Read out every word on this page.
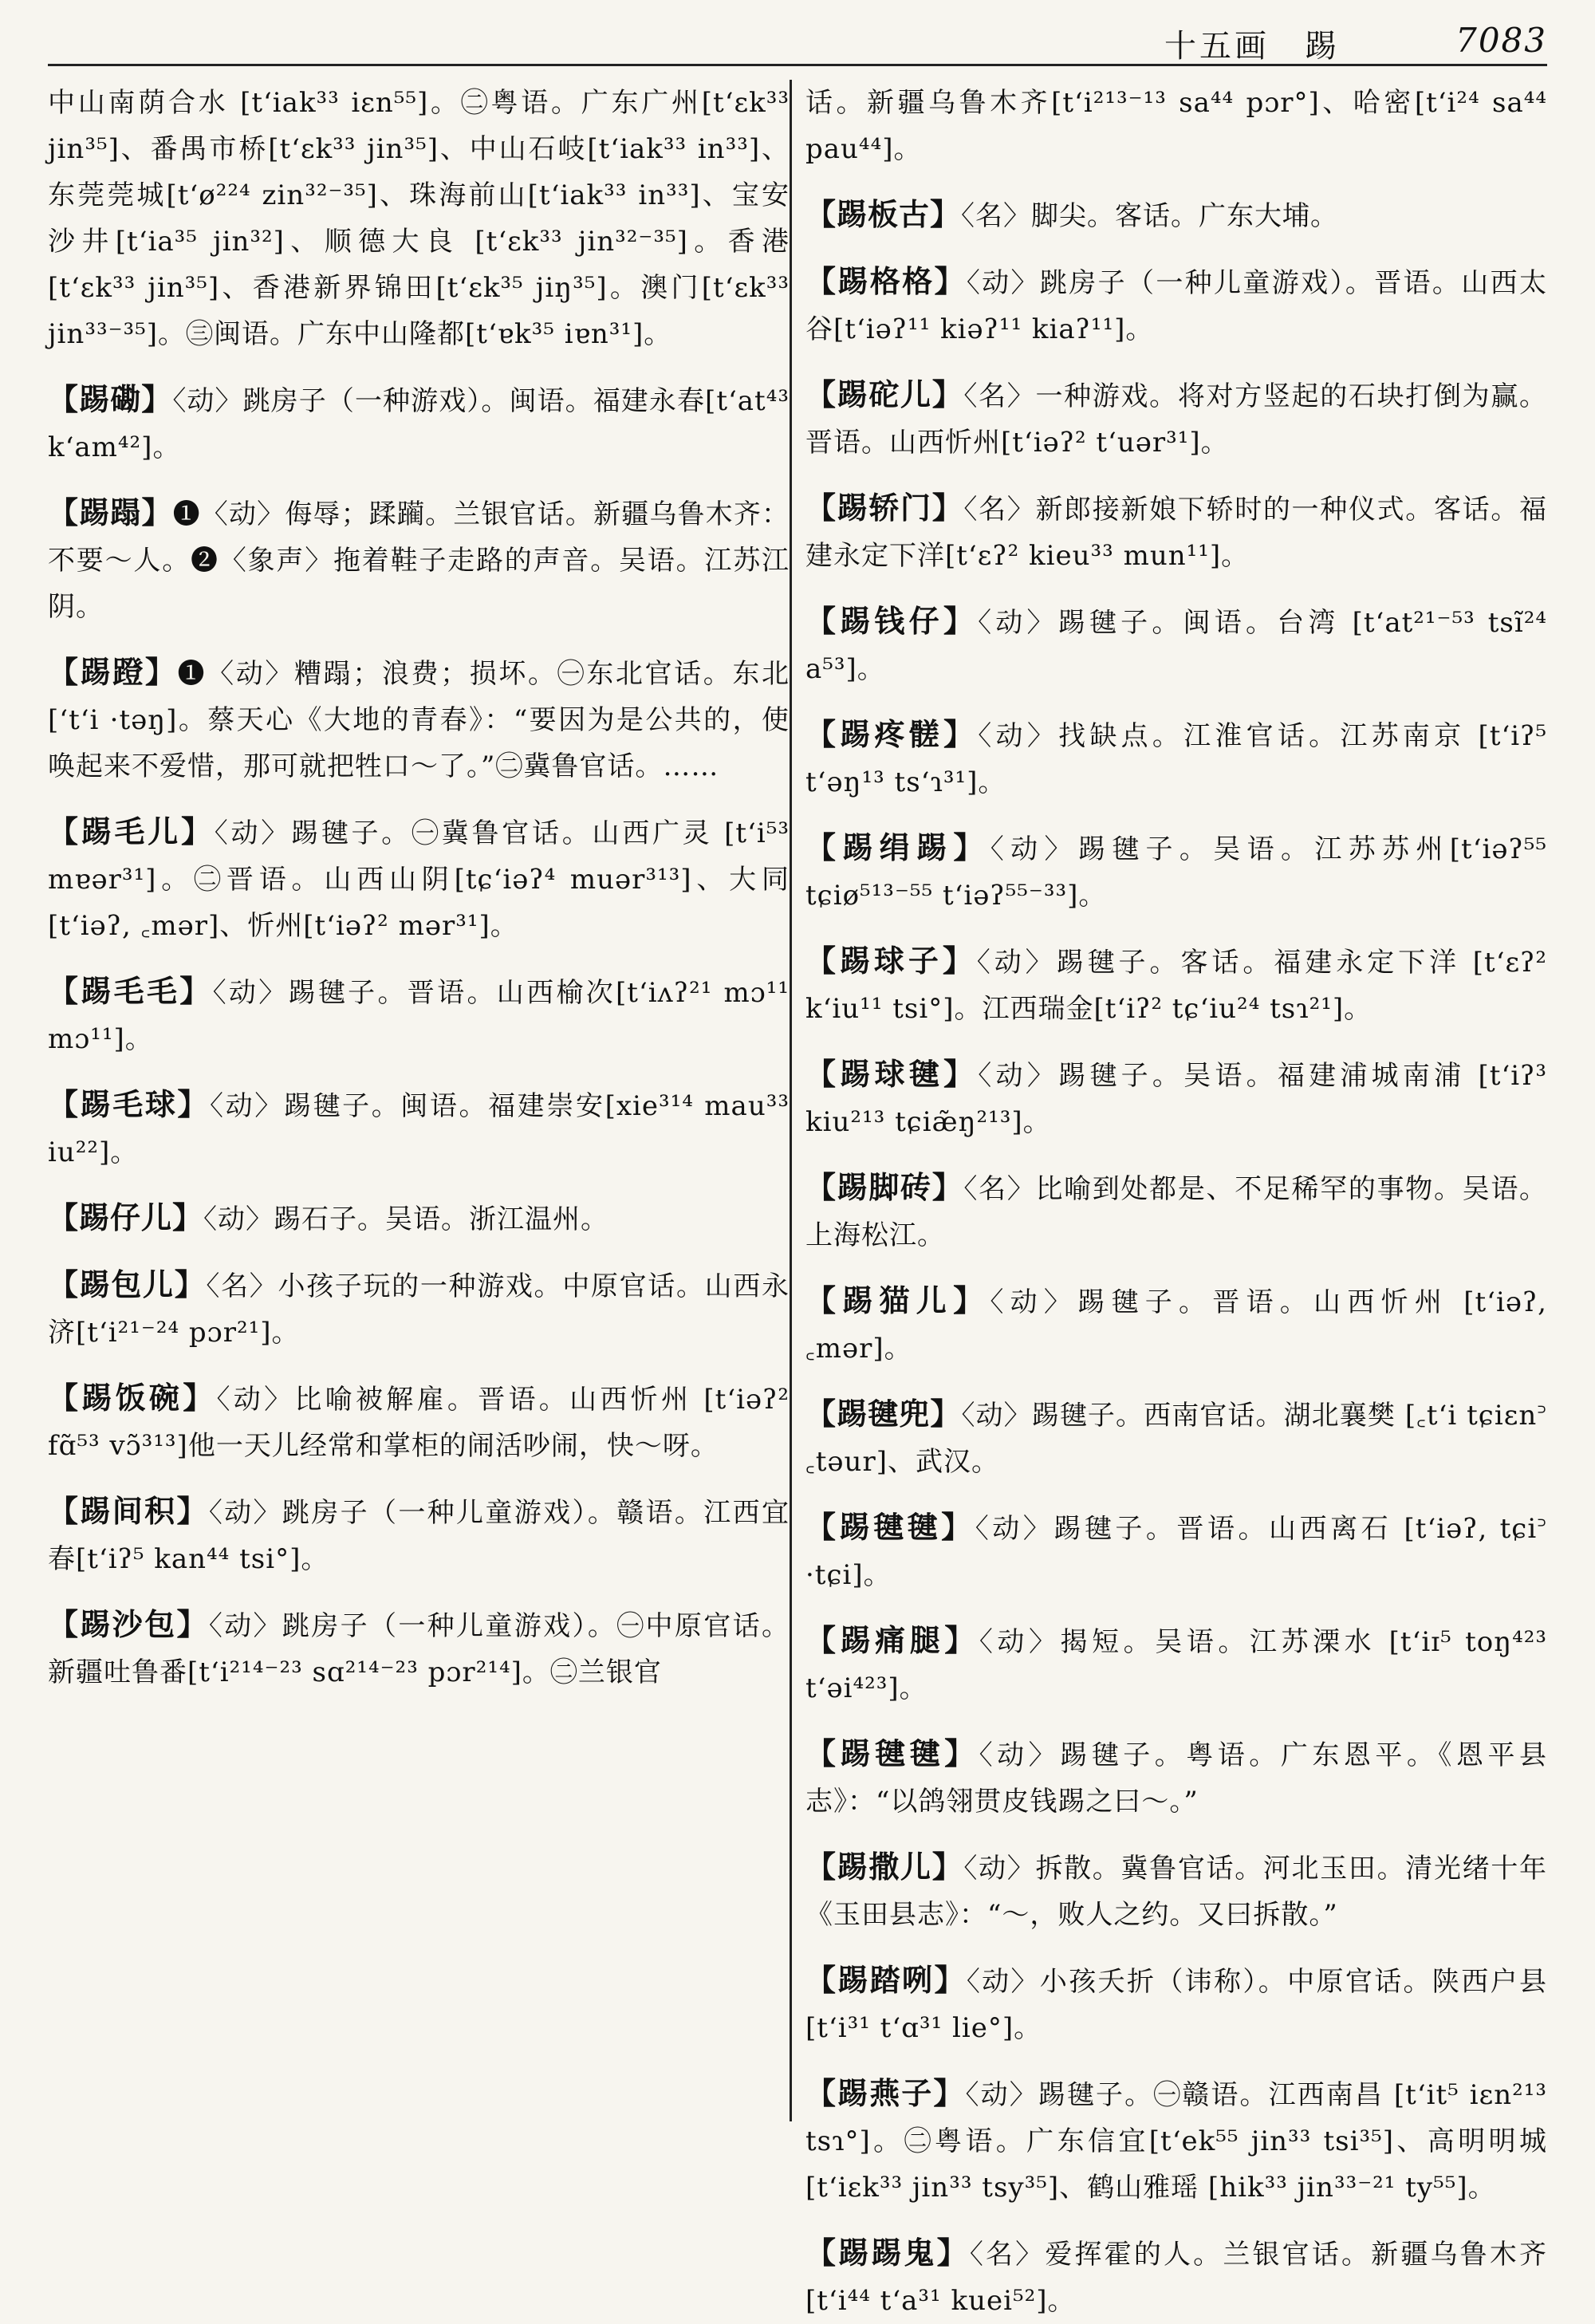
十五画　踢	7083

中山南荫合水 [t‘iak³³ iɛn⁵⁵]。㊁粤语。广东广州[t‘ɛk³³ jin³⁵]、番禺市桥[t‘ɛk³³ jin³⁵]、中山石岐[t‘iak³³ in³³]、东莞莞城[t‘ø²²⁴ zin³²⁻³⁵]、珠海前山[t‘iak³³ in³³]、宝安沙井[t‘ia³⁵ jin³²]、顺德大良 [t‘ɛk³³ jin³²⁻³⁵]。香港[t‘ɛk³³ jin³⁵]、香港新界锦田[t‘ɛk³⁵ jiŋ³⁵]。澳门[t‘ɛk³³ jin³³⁻³⁵]。㊂闽语。广东中山隆都[t‘ɐk³⁵ iɐn³¹]。

【踢磡】〈动〉跳房子（一种游戏）。闽语。福建永春[t‘at⁴³ k‘am⁴²]。

【踢蹋】❶〈动〉侮辱；蹂躏。兰银官话。新疆乌鲁木齐：不要～人。❷〈象声〉拖着鞋子走路的声音。吴语。江苏江阴。

【踢蹬】❶〈动〉糟蹋；浪费；损坏。㊀东北官话。东北[‘t‘i ·təŋ]。蔡天心《大地的青春》：“要因为是公共的，使唤起来不爱惜，那可就把牲口～了。”㊁冀鲁官话。……

【踢毛儿】〈动〉踢毽子。㊀冀鲁官话。山西广灵 [t‘i⁵³ mɐər³¹]。㊁晋语。山西山阴[tɕ‘iəʔ⁴ muər³¹³]、大同[t‘iəʔ, ꜀mər]、忻州[t‘iəʔ² mər³¹]。

【踢毛毛】〈动〉踢毽子。晋语。山西榆次[t‘iʌʔ²¹ mɔ¹¹ mɔ¹¹]。

【踢毛球】〈动〉踢毽子。闽语。福建崇安[xie³¹⁴ mau³³ iu²²]。

【踢仔儿】〈动〉踢石子。吴语。浙江温州。

【踢包儿】〈名〉小孩子玩的一种游戏。中原官话。山西永济[t‘i²¹⁻²⁴ pɔr²¹]。

【踢饭碗】〈动〉比喻被解雇。晋语。山西忻州 [t‘iəʔ² fɑ̃⁵³ vɔ̃³¹³]他一天儿经常和掌柜的闹活吵闹，快～呀。

【踢间积】〈动〉跳房子（一种儿童游戏）。赣语。江西宜春[t‘iʔ⁵ kan⁴⁴ tsi°]。

【踢沙包】〈动〉跳房子（一种儿童游戏）。㊀中原官话。新疆吐鲁番[t‘i²¹⁴⁻²³ sɑ²¹⁴⁻²³ pɔr²¹⁴]。㊁兰银官

话。新疆乌鲁木齐[t‘i²¹³⁻¹³ sa⁴⁴ pɔr°]、哈密[t‘i²⁴ sa⁴⁴ pau⁴⁴]。

【踢板古】〈名〉脚尖。客话。广东大埔。

【踢格格】〈动〉跳房子（一种儿童游戏）。晋语。山西太谷[t‘iəʔ¹¹ kiəʔ¹¹ kiaʔ¹¹]。

【踢砣儿】〈名〉一种游戏。将对方竖起的石块打倒为赢。晋语。山西忻州[t‘iəʔ² t‘uər³¹]。

【踢轿门】〈名〉新郎接新娘下轿时的一种仪式。客话。福建永定下洋[t‘ɛʔ² kieu³³ mun¹¹]。

【踢钱仔】〈动〉踢毽子。闽语。台湾 [t‘at²¹⁻⁵³ tsĩ²⁴ a⁵³]。

【踢疼髊】〈动〉找缺点。江淮官话。江苏南京 [t‘iʔ⁵ t‘əŋ¹³ ts‘ɿ³¹]。

【踢绢踢】〈动〉踢毽子。吴语。江苏苏州[t‘iəʔ⁵⁵ tɕiø⁵¹³⁻⁵⁵ t‘iəʔ⁵⁵⁻³³]。

【踢球子】〈动〉踢毽子。客话。福建永定下洋 [t‘ɛʔ² k‘iu¹¹ tsi°]。江西瑞金[t‘iʔ² tɕ‘iu²⁴ tsɿ²¹]。

【踢球毽】〈动〉踢毽子。吴语。福建浦城南浦 [t‘iʔ³ kiu²¹³ tɕiæ̃ŋ²¹³]。

【踢脚砖】〈名〉比喻到处都是、不足稀罕的事物。吴语。上海松江。

【踢猫儿】〈动〉踢毽子。晋语。山西忻州 [t‘iəʔ, ꜀mər]。

【踢毽兜】〈动〉踢毽子。西南官话。湖北襄樊 [꜀t‘i tɕiɛn꜄ ꜀təur]、武汉。

【踢毽毽】〈动〉踢毽子。晋语。山西离石 [t‘iəʔ, tɕi꜄ ·tɕi]。

【踢痛腿】〈动〉揭短。吴语。江苏溧水 [t‘iɪ⁵ toŋ⁴²³ t‘əi⁴²³]。

【踢毽毽】〈动〉踢毽子。粤语。广东恩平。《恩平县志》：“以鸽翎贯皮钱踢之曰～。”

【踢撒儿】〈动〉拆散。冀鲁官话。河北玉田。清光绪十年《玉田县志》：“～，败人之约。又曰拆散。”

【踢踏咧】〈动〉小孩夭折（讳称）。中原官话。陕西户县[t‘i³¹ t‘ɑ³¹ lie°]。

【踢燕子】〈动〉踢毽子。㊀赣语。江西南昌 [t‘it⁵ iɛn²¹³ tsɿ°]。㊁粤语。广东信宜[t‘ek⁵⁵ jin³³ tsi³⁵]、高明明城[t‘iɛk³³ jin³³ tsy³⁵]、鹤山雅瑶 [hik³³ jin³³⁻²¹ ty⁵⁵]。

【踢踢鬼】〈名〉爱挥霍的人。兰银官话。新疆乌鲁木齐[t‘i⁴⁴ t‘a³¹ kuei⁵²]。
